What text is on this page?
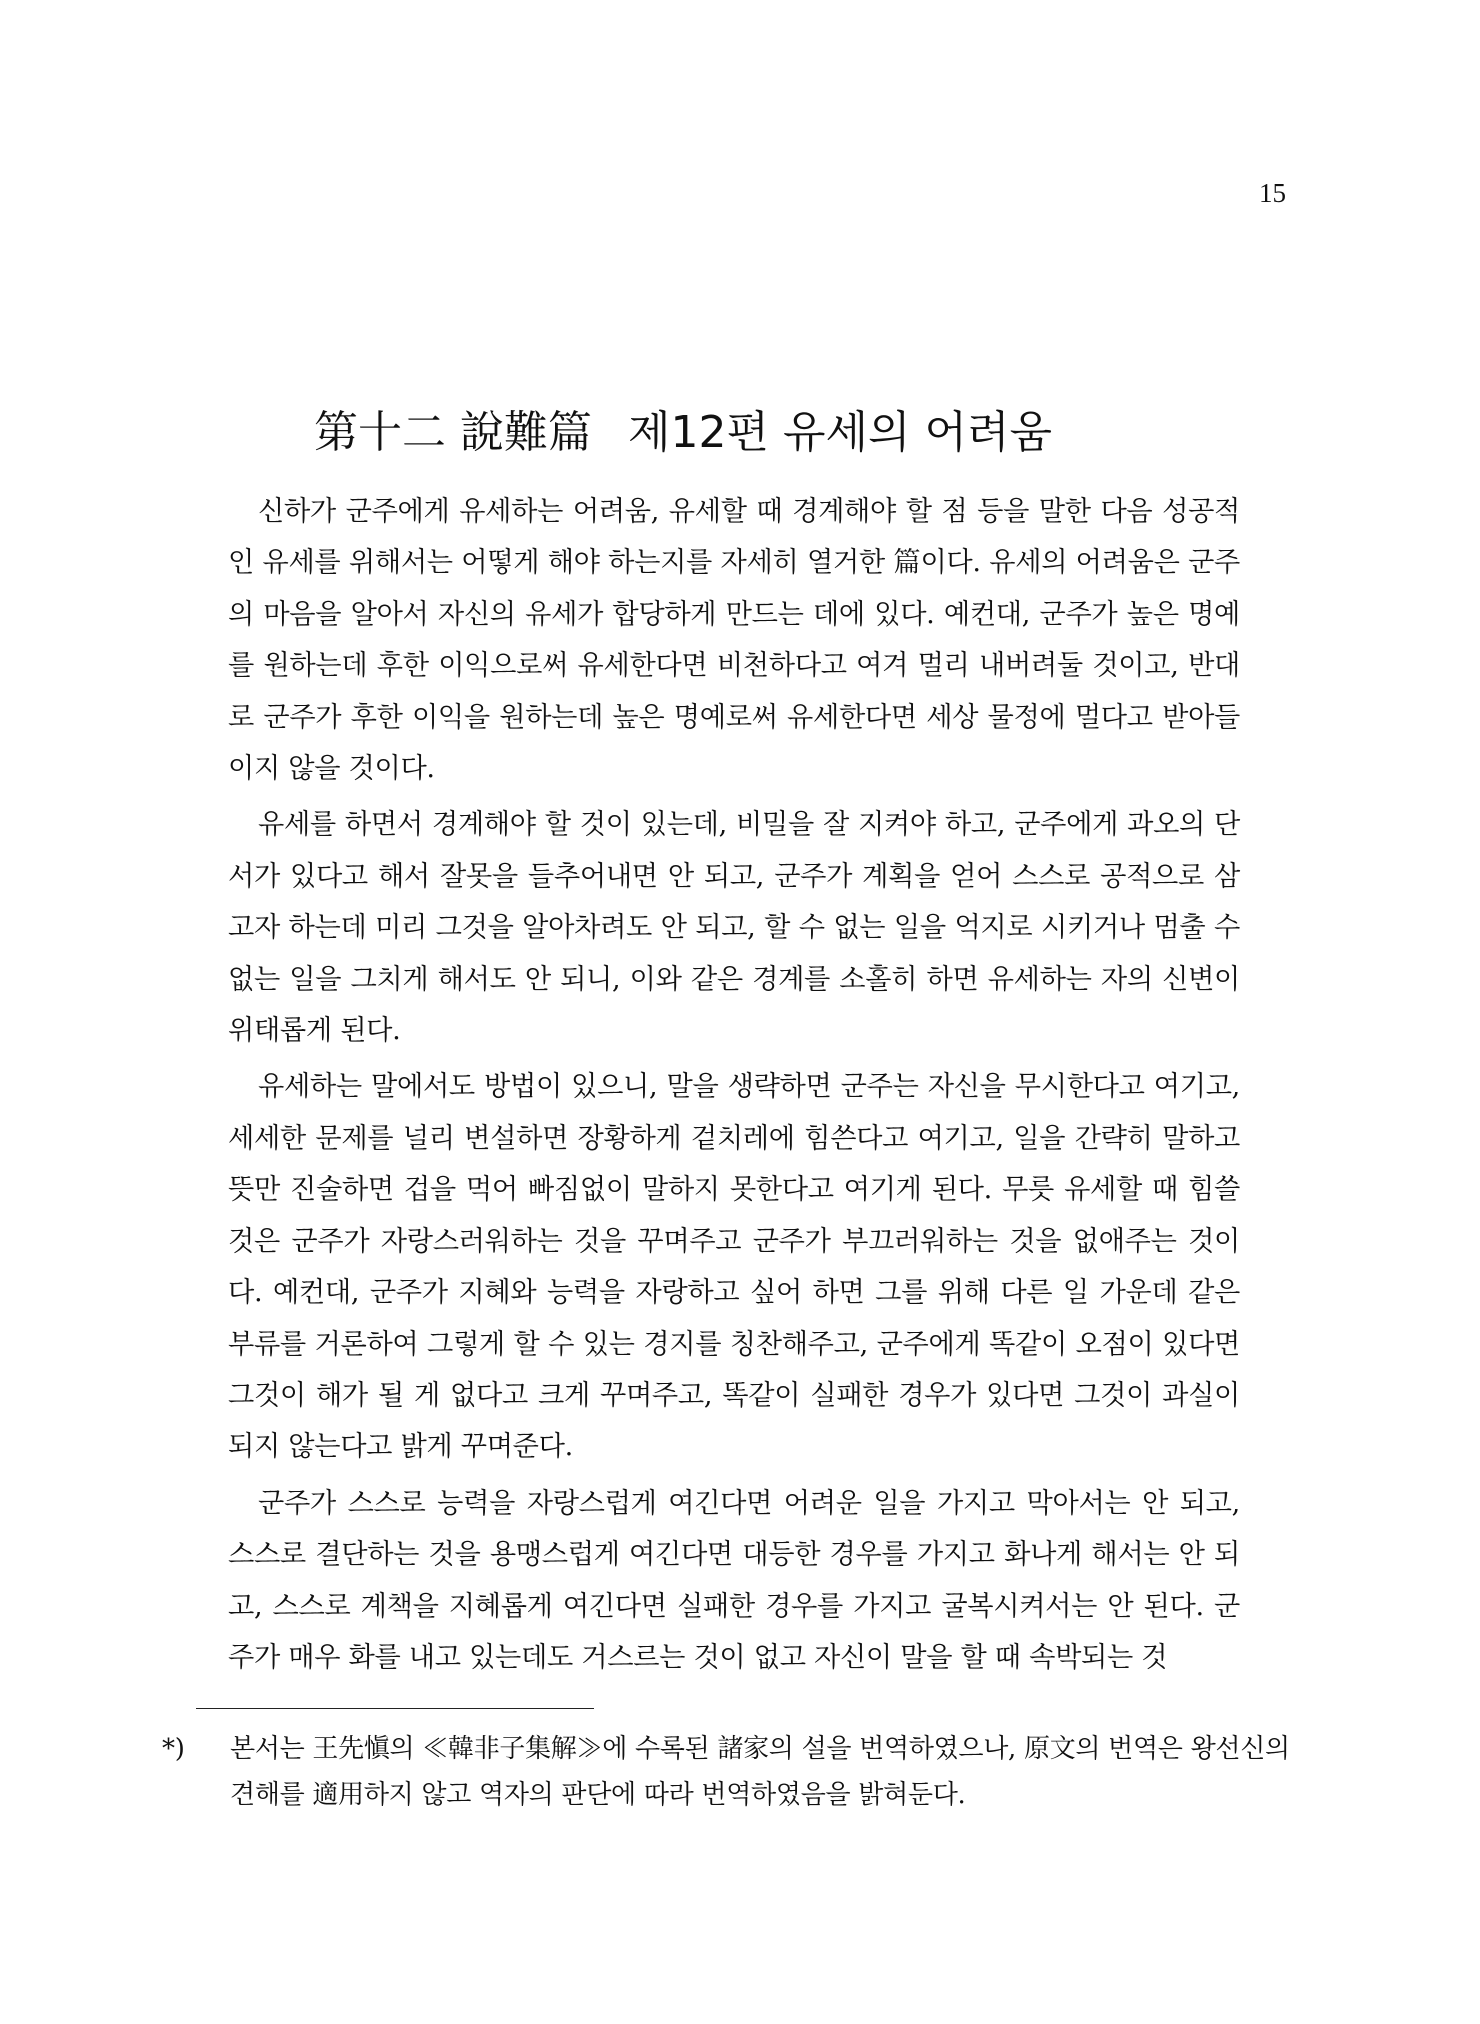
15
第十二 說難篇 제12편 유세의 어려움

신하가 군주에게 유세하는 어려움, 유세할 때 경계해야 할 점 등을 말한 다음 성공적인 유세를 위해서는 어떻게 해야 하는지를 자세히 열거한 篇이다. 유세의 어려움은 군주의 마음을 알아서 자신의 유세가 합당하게 만드는 데에 있다. 예컨대, 군주가 높은 명예를 원하는데 후한 이익으로써 유세한다면 비천하다고 여겨 멀리 내버려둘 것이고, 반대로 군주가 후한 이익을 원하는데 높은 명예로써 유세한다면 세상 물정에 멀다고 받아들이지 않을 것이다.

유세를 하면서 경계해야 할 것이 있는데, 비밀을 잘 지켜야 하고, 군주에게 과오의 단서가 있다고 해서 잘못을 들추어내면 안 되고, 군주가 계획을 얻어 스스로 공적으로 삼고자 하는데 미리 그것을 알아차려도 안 되고, 할 수 없는 일을 억지로 시키거나 멈출 수 없는 일을 그치게 해서도 안 되니, 이와 같은 경계를 소홀히 하면 유세하는 자의 신변이 위태롭게 된다.

유세하는 말에서도 방법이 있으니, 말을 생략하면 군주는 자신을 무시한다고 여기고, 세세한 문제를 널리 변설하면 장황하게 겉치레에 힘쓴다고 여기고, 일을 간략히 말하고 뜻만 진술하면 겁을 먹어 빠짐없이 말하지 못한다고 여기게 된다. 무릇 유세할 때 힘쓸 것은 군주가 자랑스러워하는 것을 꾸며주고 군주가 부끄러워하는 것을 없애주는 것이다. 예컨대, 군주가 지혜와 능력을 자랑하고 싶어 하면 그를 위해 다른 일 가운데 같은 부류를 거론하여 그렇게 할 수 있는 경지를 칭찬해주고, 군주에게 똑같이 오점이 있다면 그것이 해가 될 게 없다고 크게 꾸며주고, 똑같이 실패한 경우가 있다면 그것이 과실이 되지 않는다고 밝게 꾸며준다.

군주가 스스로 능력을 자랑스럽게 여긴다면 어려운 일을 가지고 막아서는 안 되고, 스스로 결단하는 것을 용맹스럽게 여긴다면 대등한 경우를 가지고 화나게 해서는 안 되고, 스스로 계책을 지혜롭게 여긴다면 실패한 경우를 가지고 굴복시켜서는 안 된다. 군주가 매우 화를 내고 있는데도 거스르는 것이 없고 자신이 말을 할 때 속박되는 것

*) 본서는 王先愼의 ≪韓非子集解≫에 수록된 諸家의 설을 번역하였으나, 原文의 번역은 왕선신의 견해를 適用하지 않고 역자의 판단에 따라 번역하였음을 밝혀둔다.
